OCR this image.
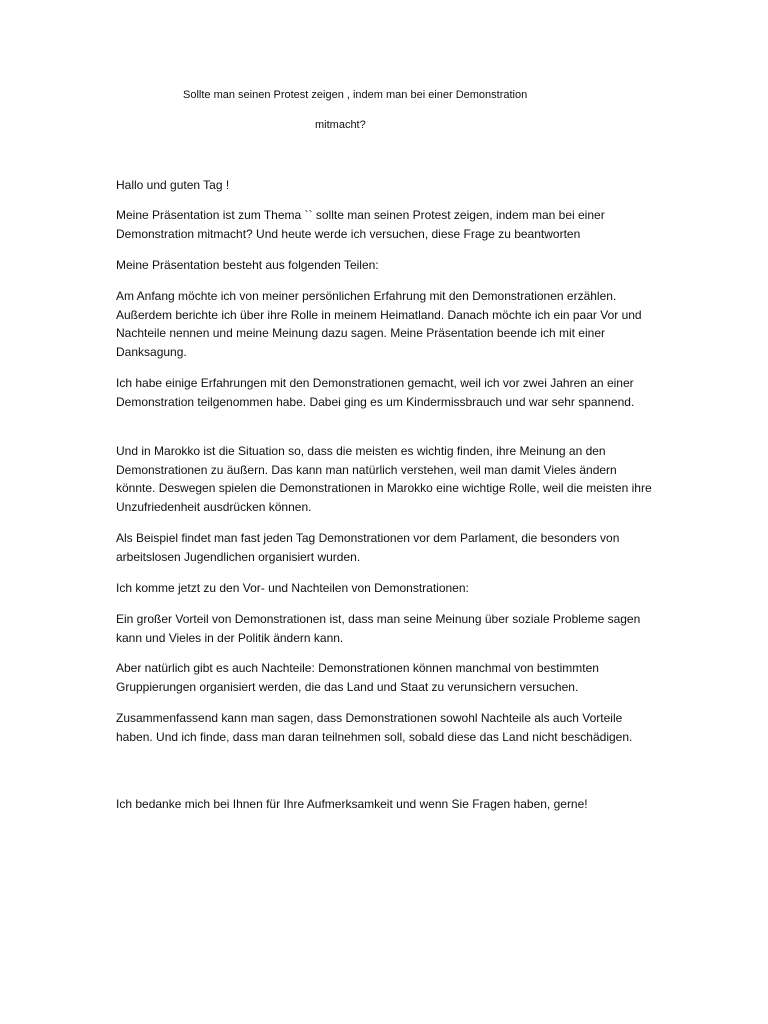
Sollte man seinen Protest zeigen , indem man bei einer Demonstration
mitmacht?

Hallo und guten Tag !

Meine Präsentation ist zum Thema `` sollte man seinen Protest zeigen, indem man bei einer Demonstration mitmacht? Und heute werde ich versuchen, diese Frage zu beantworten

Meine Präsentation besteht aus folgenden Teilen:

Am Anfang möchte ich von meiner persönlichen Erfahrung mit den Demonstrationen erzählen. Außerdem berichte ich über ihre Rolle in meinem Heimatland. Danach möchte ich ein paar Vor und Nachteile nennen und meine Meinung dazu sagen. Meine Präsentation beende ich mit einer Danksagung.

Ich habe einige Erfahrungen mit den Demonstrationen gemacht, weil ich vor zwei Jahren an einer Demonstration teilgenommen habe. Dabei ging es um Kindermissbrauch und war sehr spannend.

Und in Marokko ist die Situation so, dass die meisten es wichtig finden, ihre Meinung an den Demonstrationen zu äußern. Das kann man natürlich verstehen, weil man damit Vieles ändern könnte. Deswegen spielen die Demonstrationen in Marokko eine wichtige Rolle, weil die meisten ihre Unzufriedenheit ausdrücken können.

Als Beispiel findet man fast jeden Tag Demonstrationen vor dem Parlament, die besonders von arbeitslosen Jugendlichen organisiert wurden.

Ich komme jetzt zu den Vor- und Nachteilen von Demonstrationen:

Ein großer Vorteil von Demonstrationen ist, dass man seine Meinung über soziale Probleme sagen kann und Vieles in der Politik ändern kann.

Aber natürlich gibt es auch Nachteile: Demonstrationen können manchmal von bestimmten Gruppierungen organisiert werden, die das Land und Staat zu verunsichern versuchen.

Zusammenfassend kann man sagen, dass Demonstrationen sowohl Nachteile als auch Vorteile haben. Und ich finde, dass man daran teilnehmen soll, sobald diese das Land nicht beschädigen.

Ich bedanke mich bei Ihnen für Ihre Aufmerksamkeit und wenn Sie Fragen haben, gerne!
